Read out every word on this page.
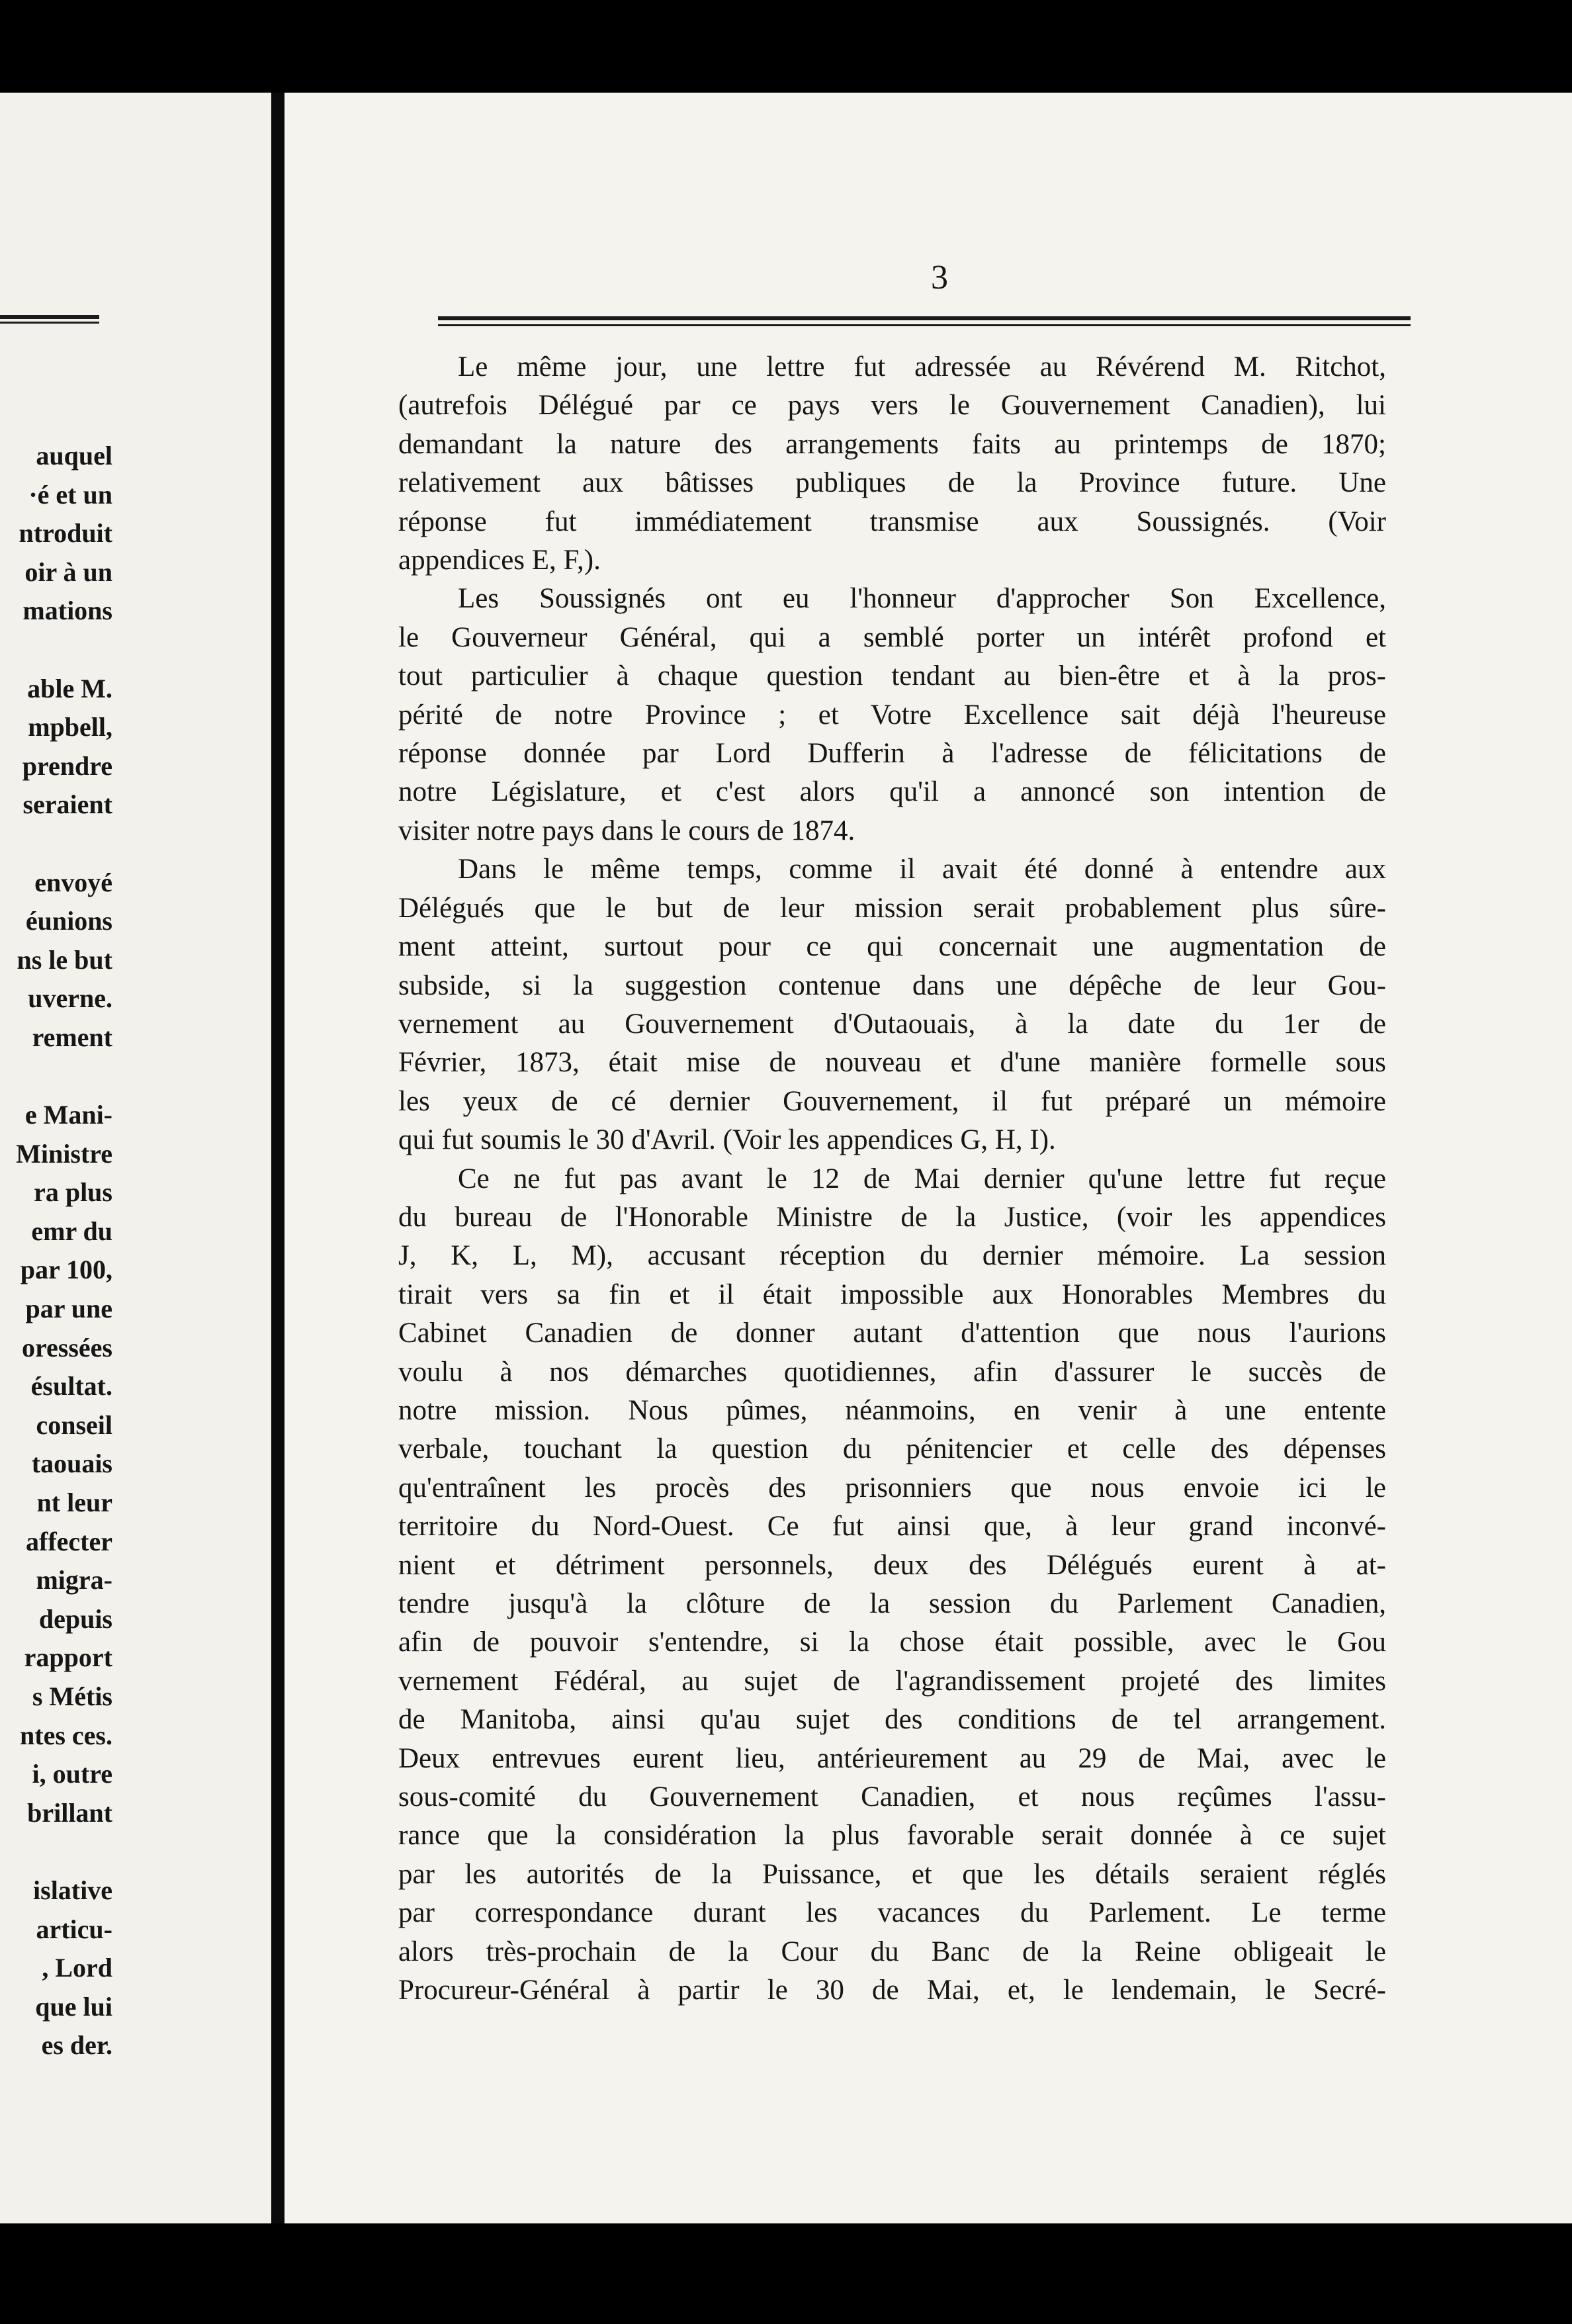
auquel
·é et un
ntroduit
oir à un
mations

able M.
mpbell,
prendre
seraient

envoyé
éunions
ns le but
uverne.
rement

e Mani-
Ministre
ra plus
emr du
par 100,
par une
oressées
ésultat.
conseil
taouais
nt leur
affecter
migra-
depuis
rapport
s Métis
ntes ces.
i, outre
brillant

islative
articu-
, Lord
que lui
es der.
3

Le même jour, une lettre fut adressée au Révérend M. Ritchot,
(autrefois Délégué par ce pays vers le Gouvernement Canadien), lui
demandant la nature des arrangements faits au printemps de 1870;
relativement aux bâtisses publiques de la Province future. Une
réponse fut immédiatement transmise aux Soussignés. (Voir
appendices E, F,).

Les Soussignés ont eu l'honneur d'approcher Son Excellence,
le Gouverneur Général, qui a semblé porter un intérêt profond et
tout particulier à chaque question tendant au bien-être et à la pros-
périté de notre Province ; et Votre Excellence sait déjà l'heureuse
réponse donnée par Lord Dufferin à l'adresse de félicitations de
notre Législature, et c'est alors qu'il a annoncé son intention de
visiter notre pays dans le cours de 1874.

Dans le même temps, comme il avait été donné à entendre aux
Délégués que le but de leur mission serait probablement plus sûre-
ment atteint, surtout pour ce qui concernait une augmentation de
subside, si la suggestion contenue dans une dépêche de leur Gou-
vernement au Gouvernement d'Outaouais, à la date du 1er de
Février, 1873, était mise de nouveau et d'une manière formelle sous
les yeux de cé dernier Gouvernement, il fut préparé un mémoire
qui fut soumis le 30 d'Avril. (Voir les appendices G, H, I).

Ce ne fut pas avant le 12 de Mai dernier qu'une lettre fut reçue
du bureau de l'Honorable Ministre de la Justice, (voir les appendices
J, K, L, M), accusant réception du dernier mémoire. La session
tirait vers sa fin et il était impossible aux Honorables Membres du
Cabinet Canadien de donner autant d'attention que nous l'aurions
voulu à nos démarches quotidiennes, afin d'assurer le succès de
notre mission. Nous pûmes, néanmoins, en venir à une entente
verbale, touchant la question du pénitencier et celle des dépenses
qu'entraînent les procès des prisonniers que nous envoie ici le
territoire du Nord-Ouest. Ce fut ainsi que, à leur grand inconvé-
nient et détriment personnels, deux des Délégués eurent à at-
tendre jusqu'à la clôture de la session du Parlement Canadien,
afin de pouvoir s'entendre, si la chose était possible, avec le Gou
vernement Fédéral, au sujet de l'agrandissement projeté des limites
de Manitoba, ainsi qu'au sujet des conditions de tel arrangement.
Deux entrevues eurent lieu, antérieurement au 29 de Mai, avec le
sous-comité du Gouvernement Canadien, et nous reçûmes l'assu-
rance que la considération la plus favorable serait donnée à ce sujet
par les autorités de la Puissance, et que les détails seraient réglés
par correspondance durant les vacances du Parlement. Le terme
alors très-prochain de la Cour du Banc de la Reine obligeait le
Procureur-Général à partir le 30 de Mai, et, le lendemain, le Secré-
